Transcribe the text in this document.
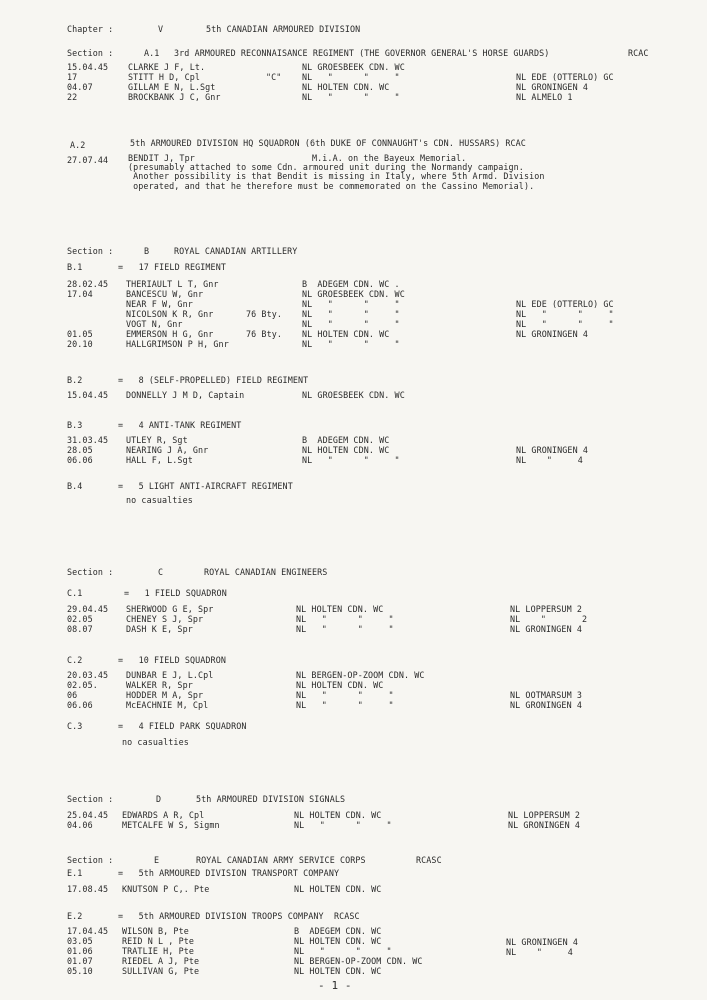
Chapter :	V	5th CANADIAN ARMOURED DIVISION
Section :	A.1 3rd ARMOURED RECONNAISANCE REGIMENT (THE GOVERNOR GENERAL'S HORSE GUARDS)	RCAC
15.04.45 CLARKE J F, Lt.	NL GROESBEEK CDN. WC
17	STITT H D, Cpl	"C" NL   "      "     "	NL EDE (OTTERLO) GC
04.07	GILLAM E N, L.Sgt	NL HOLTEN CDN. WC	NL GRONINGEN 4
22	BROCKBANK J C, Gnr	NL   "      "     "	NL ALMELO 1
A.2	5th ARMOURED DIVISION HQ SQUADRON (6th DUKE OF CONNAUGHT's CDN. HUSSARS) RCAC
27.07.44 BENDIT J, Tpr	M.i.A. on the Bayeux Memorial.
(presumably attached to some Cdn. armoured unit during the Normandy campaign.
Another possibility is that Bendit is missing in Italy, where 5th Armd. Division
operated, and that he therefore must be commemorated on the Cassino Memorial).
Section :	B	ROYAL CANADIAN ARTILLERY
B.1	=   17 FIELD REGIMENT
28.02.45 THERIAULT L T, Gnr	B  ADEGEM CDN. WC .
17.04	BANCESCU W, Gnr	NL GROESBEEK CDN. WC
NEAR F W, Gnr	NL   "      "     "	NL EDE (OTTERLO) GC
NICOLSON K R, Gnr	76 Bty. NL   "      "     "	NL   "      "     "
VOGT N, Gnr	NL   "      "     "	NL   "      "     "
01.05	EMMERSON H G, Gnr	76 Bty. NL HOLTEN CDN. WC	NL GRONINGEN 4
20.10	HALLGRIMSON P H, Gnr	NL   "      "     "
B.2	=   8 (SELF-PROPELLED) FIELD REGIMENT
15.04.45 DONNELLY J M D, Captain	NL GROESBEEK CDN. WC
B.3	=   4 ANTI-TANK REGIMENT
31.03.45 UTLEY R, Sgt	B  ADEGEM CDN. WC
28.05	NEARING J A, Gnr	NL HOLTEN CDN. WC	NL GRONINGEN 4
06.06	HALL F, L.Sgt	NL   "      "     "	NL    "     4
B.4	=   5 LIGHT ANTI-AIRCRAFT REGIMENT
no casualties
Section :	C	ROYAL CANADIAN ENGINEERS
C.1	=   1 FIELD SQUADRON
29.04.45 SHERWOOD G E, Spr	NL HOLTEN CDN. WC	NL LOPPERSUM 2
02.05	CHENEY S J, Spr	NL   "      "     "	NL    "       2
08.07	DASH K E, Spr	NL   "      "     "	NL GRONINGEN 4
C.2	=   10 FIELD SQUADRON
20.03.45 DUNBAR E J, L.Cpl	NL BERGEN-OP-ZOOM CDN. WC
02.05.	WALKER R, Spr	NL HOLTEN CDN. WC
06	HODDER M A, Spr	NL   "      "     "	NL OOTMARSUM 3
06.06	McEACHNIE M, Cpl	NL   "      "     "	NL GRONINGEN 4
C.3	=   4 FIELD PARK SQUADRON
no casualties
Section :	D	5th ARMOURED DIVISION SIGNALS
25.04.45 EDWARDS A R, Cpl	NL HOLTEN CDN. WC	NL LOPPERSUM 2
04.06	METCALFE W S, Sigmn	NL   "      "     "	NL GRONINGEN 4
Section :	E	ROYAL CANADIAN ARMY SERVICE CORPS	RCASC
E.1	=   5th ARMOURED DIVISION TRANSPORT COMPANY
17.08.45 KNUTSON P C,. Pte	NL HOLTEN CDN. WC
E.2	=   5th ARMOURED DIVISION TROOPS COMPANY  RCASC
17.04.45 WILSON B, Pte	B  ADEGEM CDN. WC
03.05	REID N L , Pte	NL HOLTEN CDN. WC	NL GRONINGEN 4
01.06	TRATLIE H, Pte	NL   "      "     "	NL    "     4
01.07	RIEDEL A J, Pte	NL BERGEN-OP-ZOOM CDN. WC
05.10	SULLIVAN G, Pte	NL HOLTEN CDN. WC
- 1 -
